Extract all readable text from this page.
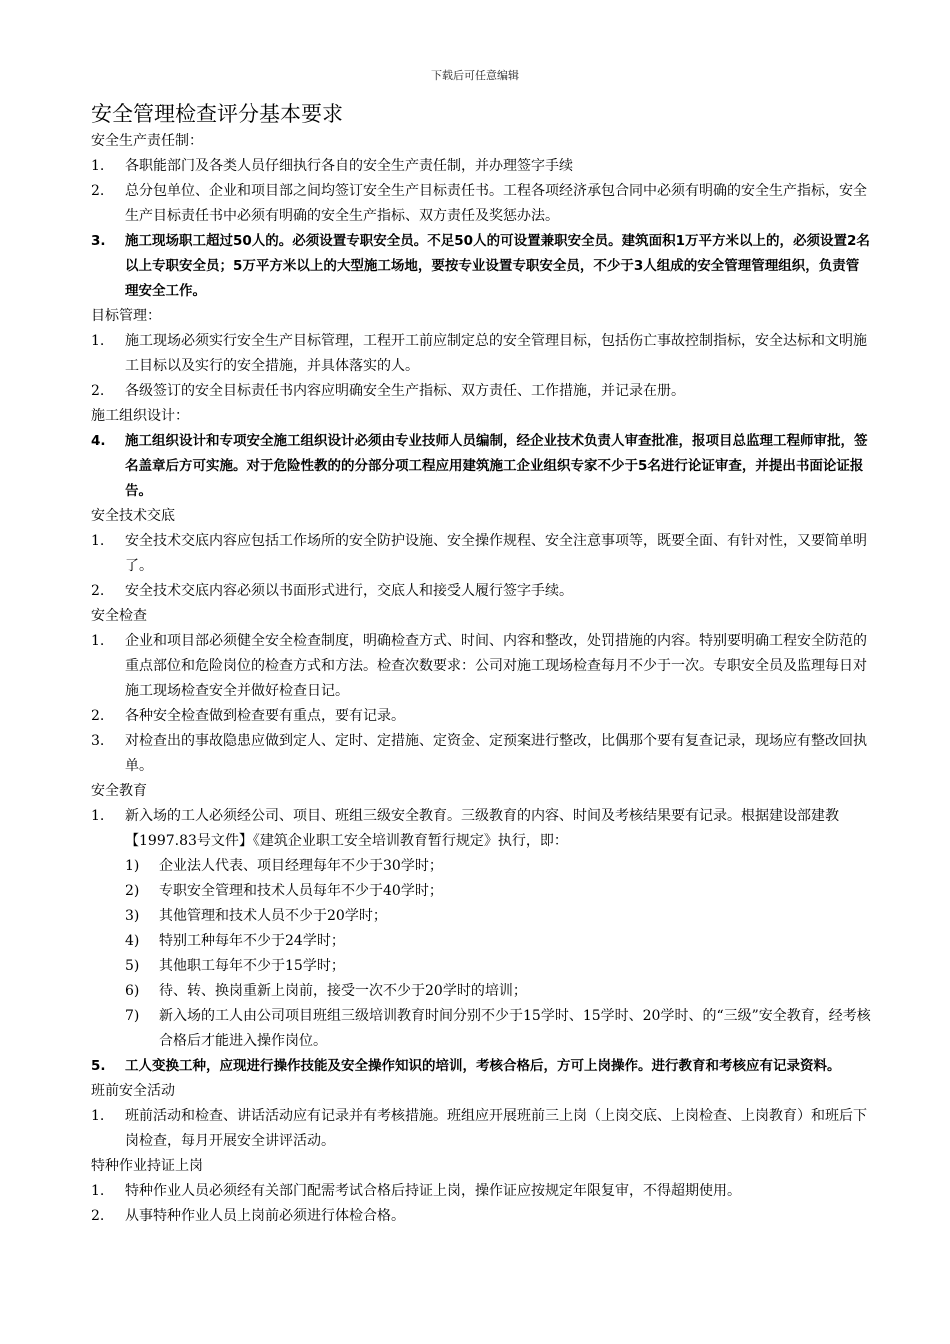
下载后可任意编辑
安全管理检查评分基本要求
安全生产责任制：
1.	各职能部门及各类人员仔细执行各自的安全生产责任制，并办理签字手续
2.	总分包单位、企业和项目部之间均签订安全生产目标责任书。工程各项经济承包合同中必须有明确的安全生产指标，安全生产目标责任书中必须有明确的安全生产指标、双方责任及奖惩办法。
3.	施工现场职工超过50人的。必须设置专职安全员。不足50人的可设置兼职安全员。建筑面积1万平方米以上的，必须设置2名以上专职安全员；5万平方米以上的大型施工场地，要按专业设置专职安全员，不少于3人组成的安全管理管理组织，负责管理安全工作。
目标管理：
1.	施工现场必须实行安全生产目标管理，工程开工前应制定总的安全管理目标，包括伤亡事故控制指标，安全达标和文明施工目标以及实行的安全措施，并具体落实的人。
2.	各级签订的安全目标责任书内容应明确安全生产指标、双方责任、工作措施，并记录在册。
施工组织设计：
4.	施工组织设计和专项安全施工组织设计必须由专业技师人员编制，经企业技术负责人审查批准，报项目总监理工程师审批，签名盖章后方可实施。对于危险性教的的分部分项工程应用建筑施工企业组织专家不少于5名进行论证审查，并提出书面论证报告。
安全技术交底
1.	安全技术交底内容应包括工作场所的安全防护设施、安全操作规程、安全注意事项等，既要全面、有针对性，又要简单明了。
2.	安全技术交底内容必须以书面形式进行，交底人和接受人履行签字手续。
安全检查
1.	企业和项目部必须健全安全检查制度，明确检查方式、时间、内容和整改，处罚措施的内容。特别要明确工程安全防范的重点部位和危险岗位的检查方式和方法。检查次数要求：公司对施工现场检查每月不少于一次。专职安全员及监理每日对施工现场检查安全并做好检查日记。
2.	各种安全检查做到检查要有重点，要有记录。
3.	对检查出的事故隐患应做到定人、定时、定措施、定资金、定预案进行整改，比偶那个要有复查记录，现场应有整改回执单。
安全教育
1.	新入场的工人必须经公司、项目、班组三级安全教育。三级教育的内容、时间及考核结果要有记录。根据建设部建教【1997.83号文件】《建筑企业职工安全培训教育暂行规定》执行，即：
1)	企业法人代表、项目经理每年不少于30学时；
2)	专职安全管理和技术人员每年不少于40学时；
3)	其他管理和技术人员不少于20学时；
4)	特别工种每年不少于24学时；
5)	其他职工每年不少于15学时；
6)	待、转、换岗重新上岗前，接受一次不少于20学时的培训；
7)	新入场的工人由公司项目班组三级培训教育时间分别不少于15学时、15学时、20学时、的“三级”安全教育，经考核合格后才能进入操作岗位。
5.	工人变换工种，应现进行操作技能及安全操作知识的培训，考核合格后，方可上岗操作。进行教育和考核应有记录资料。
班前安全活动
1.	班前活动和检查、讲话活动应有记录并有考核措施。班组应开展班前三上岗（上岗交底、上岗检查、上岗教育）和班后下岗检查，每月开展安全讲评活动。
特种作业持证上岗
1.	特种作业人员必须经有关部门配需考试合格后持证上岗，操作证应按规定年限复审，不得超期使用。
2.	从事特种作业人员上岗前必须进行体检合格。
